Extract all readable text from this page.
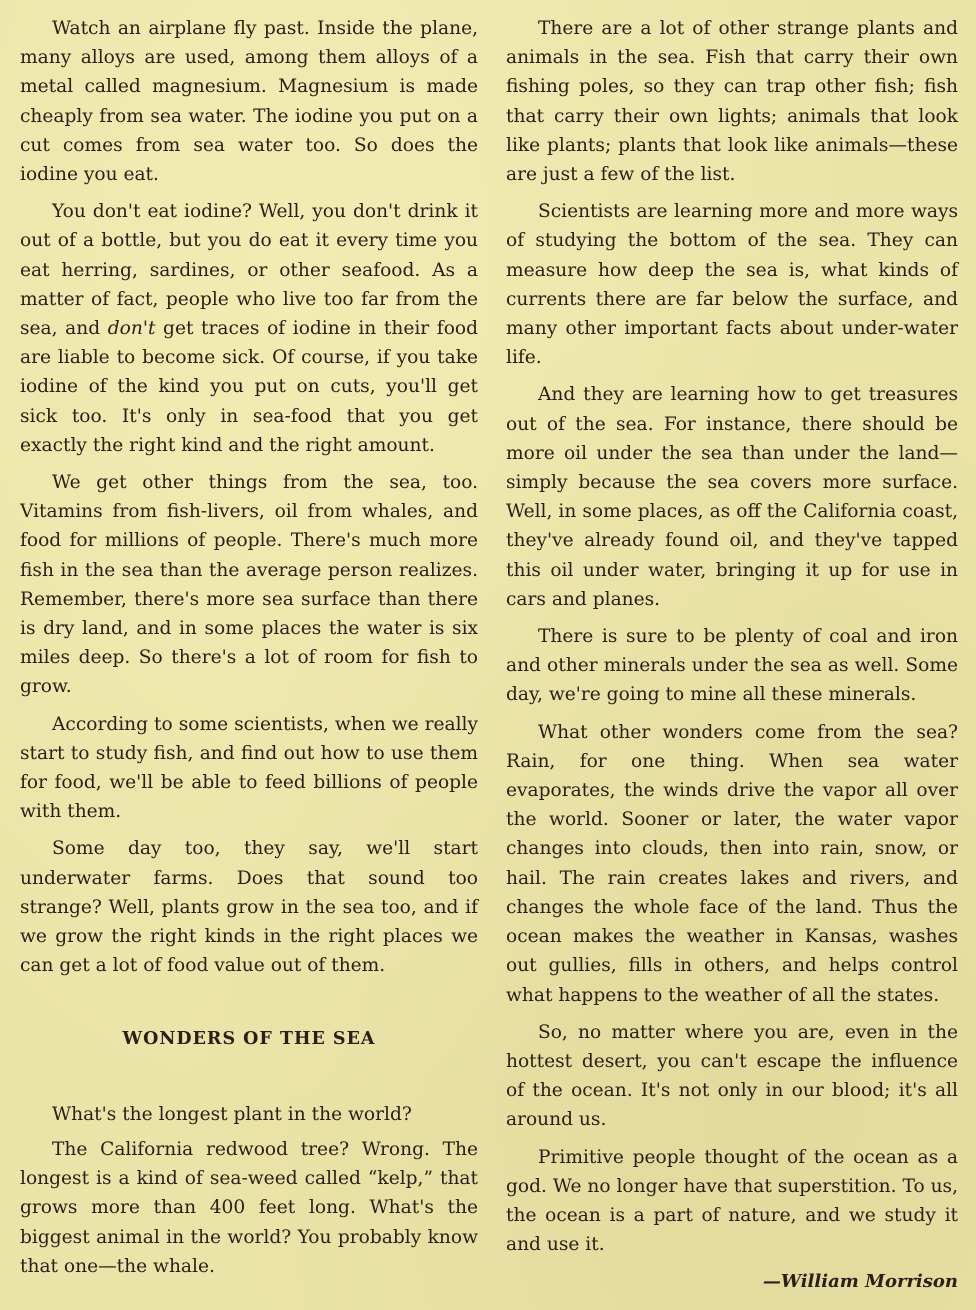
Watch an airplane fly past. Inside the plane, many alloys are used, among them alloys of a metal called magnesium. Magnesium is made cheaply from sea water. The iodine you put on a cut comes from sea water too. So does the iodine you eat.

You don't eat iodine? Well, you don't drink it out of a bottle, but you do eat it every time you eat herring, sardines, or other seafood. As a matter of fact, people who live too far from the sea, and don't get traces of iodine in their food are liable to become sick. Of course, if you take iodine of the kind you put on cuts, you'll get sick too. It's only in sea-food that you get exactly the right kind and the right amount.

We get other things from the sea, too. Vitamins from fish-livers, oil from whales, and food for millions of people. There's much more fish in the sea than the average person realizes. Remember, there's more sea surface than there is dry land, and in some places the water is six miles deep. So there's a lot of room for fish to grow.

According to some scientists, when we really start to study fish, and find out how to use them for food, we'll be able to feed billions of people with them.

Some day too, they say, we'll start underwater farms. Does that sound too strange? Well, plants grow in the sea too, and if we grow the right kinds in the right places we can get a lot of food value out of them.

WONDERS OF THE SEA

What's the longest plant in the world?

The California redwood tree? Wrong. The longest is a kind of sea-weed called “kelp,” that grows more than 400 feet long. What's the biggest animal in the world? You probably know that one—the whale.

There are a lot of other strange plants and animals in the sea. Fish that carry their own fishing poles, so they can trap other fish; fish that carry their own lights; animals that look like plants; plants that look like animals—these are just a few of the list.

Scientists are learning more and more ways of studying the bottom of the sea. They can measure how deep the sea is, what kinds of currents there are far below the surface, and many other important facts about under-water life.

And they are learning how to get treasures out of the sea. For instance, there should be more oil under the sea than under the land—simply because the sea covers more surface. Well, in some places, as off the California coast, they've already found oil, and they've tapped this oil under water, bringing it up for use in cars and planes.

There is sure to be plenty of coal and iron and other minerals under the sea as well. Some day, we're going to mine all these minerals.

What other wonders come from the sea? Rain, for one thing. When sea water evaporates, the winds drive the vapor all over the world. Sooner or later, the water vapor changes into clouds, then into rain, snow, or hail. The rain creates lakes and rivers, and changes the whole face of the land. Thus the ocean makes the weather in Kansas, washes out gullies, fills in others, and helps control what happens to the weather of all the states.

So, no matter where you are, even in the hottest desert, you can't escape the influence of the ocean. It's not only in our blood; it's all around us.

Primitive people thought of the ocean as a god. We no longer have that superstition. To us, the ocean is a part of nature, and we study it and use it.

—William Morrison
